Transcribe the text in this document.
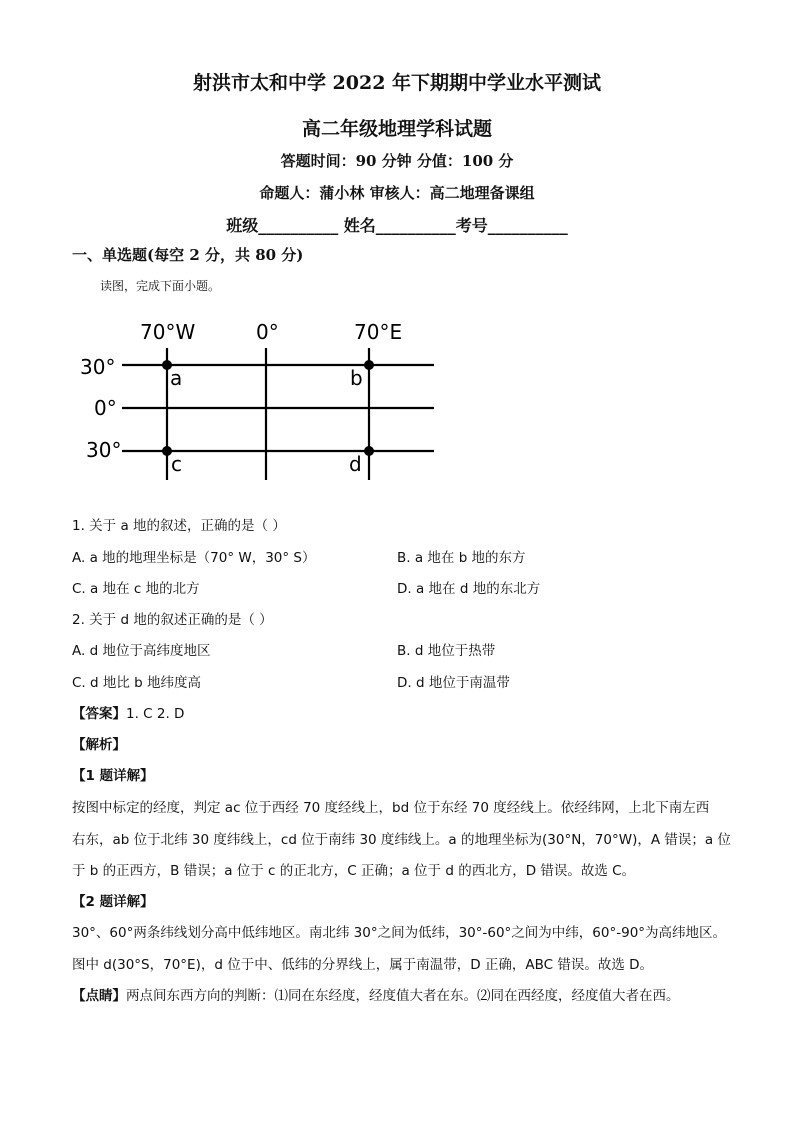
射洪市太和中学 2022 年下期期中学业水平测试
高二年级地理学科试题
答题时间：90 分钟 分值：100 分
命题人：蒲小林 审核人：高二地理备课组
班级__________ 姓名__________考号__________
一、单选题(每空 2 分，共 80 分)
读图，完成下面小题。
70°W	0°	70°E
30°
0°
30°
a	b
c	d
1. 关于 a 地的叙述，正确的是（ ）
A. a 地的地理坐标是（70° W，30° S）	B. a 地在 b 地的东方
C. a 地在 c 地的北方	D. a 地在 d 地的东北方
2. 关于 d 地的叙述正确的是（ ）
A. d 地位于高纬度地区	B. d 地位于热带
C. d 地比 b 地纬度高	D. d 地位于南温带
【答案】1. C 2. D
【解析】
【1 题详解】
按图中标定的经度，判定 ac 位于西经 70 度经线上，bd 位于东经 70 度经线上。依经纬网，上北下南左西
右东，ab 位于北纬 30 度纬线上，cd 位于南纬 30 度纬线上。a 的地理坐标为(30°N，70°W)，A 错误；a 位
于 b 的正西方，B 错误；a 位于 c 的正北方，C 正确；a 位于 d 的西北方，D 错误。故选 C。
【2 题详解】
30°、60°两条纬线划分高中低纬地区。南北纬 30°之间为低纬，30°-60°之间为中纬，60°-90°为高纬地区。
图中 d(30°S，70°E)，d 位于中、低纬的分界线上，属于南温带，D 正确，ABC 错误。故选 D。
【点睛】两点间东西方向的判断：⑴同在东经度，经度值大者在东。⑵同在西经度，经度值大者在西。
